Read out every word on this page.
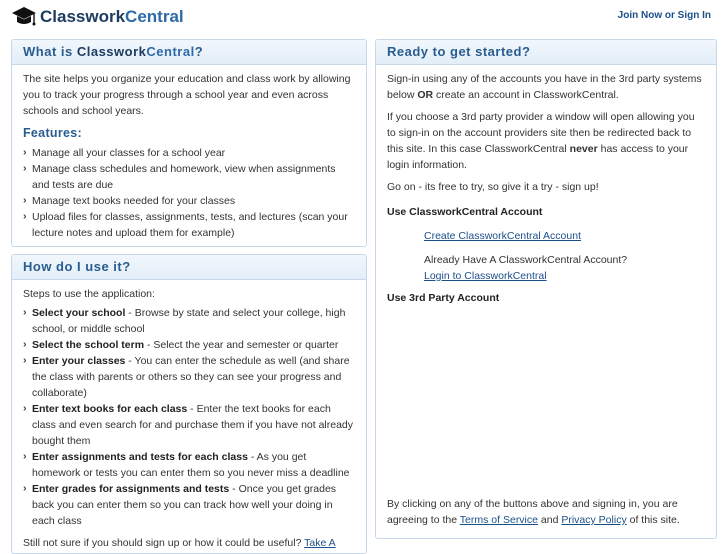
ClassworkCentral	Join Now or Sign In
What is ClassworkCentral?

The site helps you organize your education and class work by allowing you to track your progress through a school year and even across schools and school years.

Features:
› Manage all your classes for a school year
› Manage class schedules and homework, view when assignments and tests are due
› Manage text books needed for your classes
› Upload files for classes, assignments, tests, and lectures (scan your lecture notes and upload them for example)
How do I use it?

Steps to use the application:

› Select your school - Browse by state and select your college, high school, or middle school
› Select the school term - Select the year and semester or quarter
› Enter your classes - You can enter the schedule as well (and share the class with parents or others so they can see your progress and collaborate)
› Enter text books for each class - Enter the text books for each class and even search for and purchase them if you have not already bought them
› Enter assignments and tests for each class - As you get homework or tests you can enter them so you never miss a deadline
› Enter grades for assignments and tests - Once you get grades back you can enter them so you can track how well your doing in each class

Still not sure if you should sign up or how it could be useful? Take A

Ready to get started?

Sign-in using any of the accounts you have in the 3rd party systems below OR create an account in ClassworkCentral.

If you choose a 3rd party provider a window will open allowing you to sign-in on the account providers site then be redirected back to this site. In this case ClassworkCentral never has access to your login information.

Go on - its free to try, so give it a try - sign up!

Use ClassworkCentral Account
Create ClassworkCentral Account
Already Have A ClassworkCentral Account?
Login to ClassworkCentral
Use 3rd Party Account
By clicking on any of the buttons above and signing in, you are agreeing to the Terms of Service and Privacy Policy of this site.
